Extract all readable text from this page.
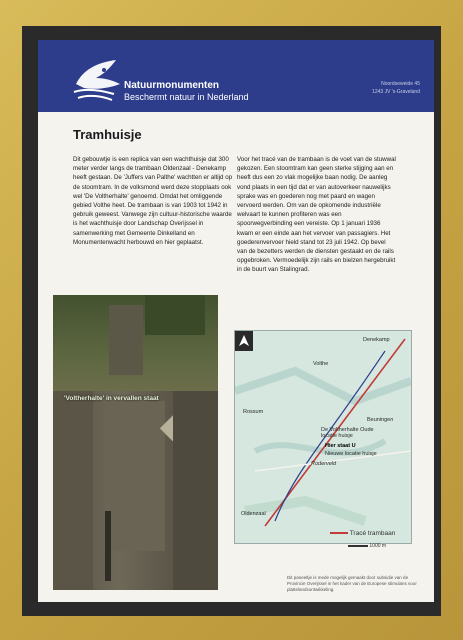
Natuurmonumenten
Beschermt natuur in Nederland
Noordseweide 45
1243 JV 's-Graveland
Tramhuisje
Dit gebouwtje is een replica van een wachthuisje dat 300 meter verder langs de trambaan Oldenzaal - Denekamp heeft gestaan. De 'Juffers van Palthe' wachtten er altijd op de stoomtram. In de volksmond werd deze stopplaats ook wel 'De Voltherhalte' genoemd. Omdat het omliggende gebied Volthe heet. De trambaan is van 1903 tot 1942 in gebruik geweest. Vanwege zijn cultuur-historische waarde is het wachthuisje door Landschap Overijssel in samenwerking met Gemeente Dinkelland en Monumentenwacht herbouwd en hier geplaatst.
Voor het tracé van de trambaan is de voet van de stuwwal gekozen. Een stoomtram kan geen sterke stijging aan en heeft dus een zo vlak mogelijke baan nodig. De aanleg vond plaats in een tijd dat er van autoverkeer nauwelijks sprake was en goederen nog met paard en wagen vervoerd werden. Om van de opkomende industriële welvaart te kunnen profiteren was een spoorwegverbinding een vereiste. Op 1 januari 1936 kwam er een einde aan het vervoer van passagiers. Het goederenvervoer hield stand tot 23 juli 1942. Op bevel van de bezetters werden de diensten gestaakt en de rails opgebroken. Vermoedelijk zijn rails en bielzen hergebruikt in de buurt van Stalingrad.
'Voltherhalte' in vervallen staat
Denekamp
Volthe
Beuningen
Rossum
De Voltherhalte Oude locatie huisje
Hier staat U
Nieuwe locatie huisje
Roderveld
Oldenzaal
Tracé trambaan
1000 m
Dit paneeltje is mede mogelijk gemaakt door subsidie van de Provincie Overijssel in het kader van de Europese stimulans voor plattelandsontwikkeling.
